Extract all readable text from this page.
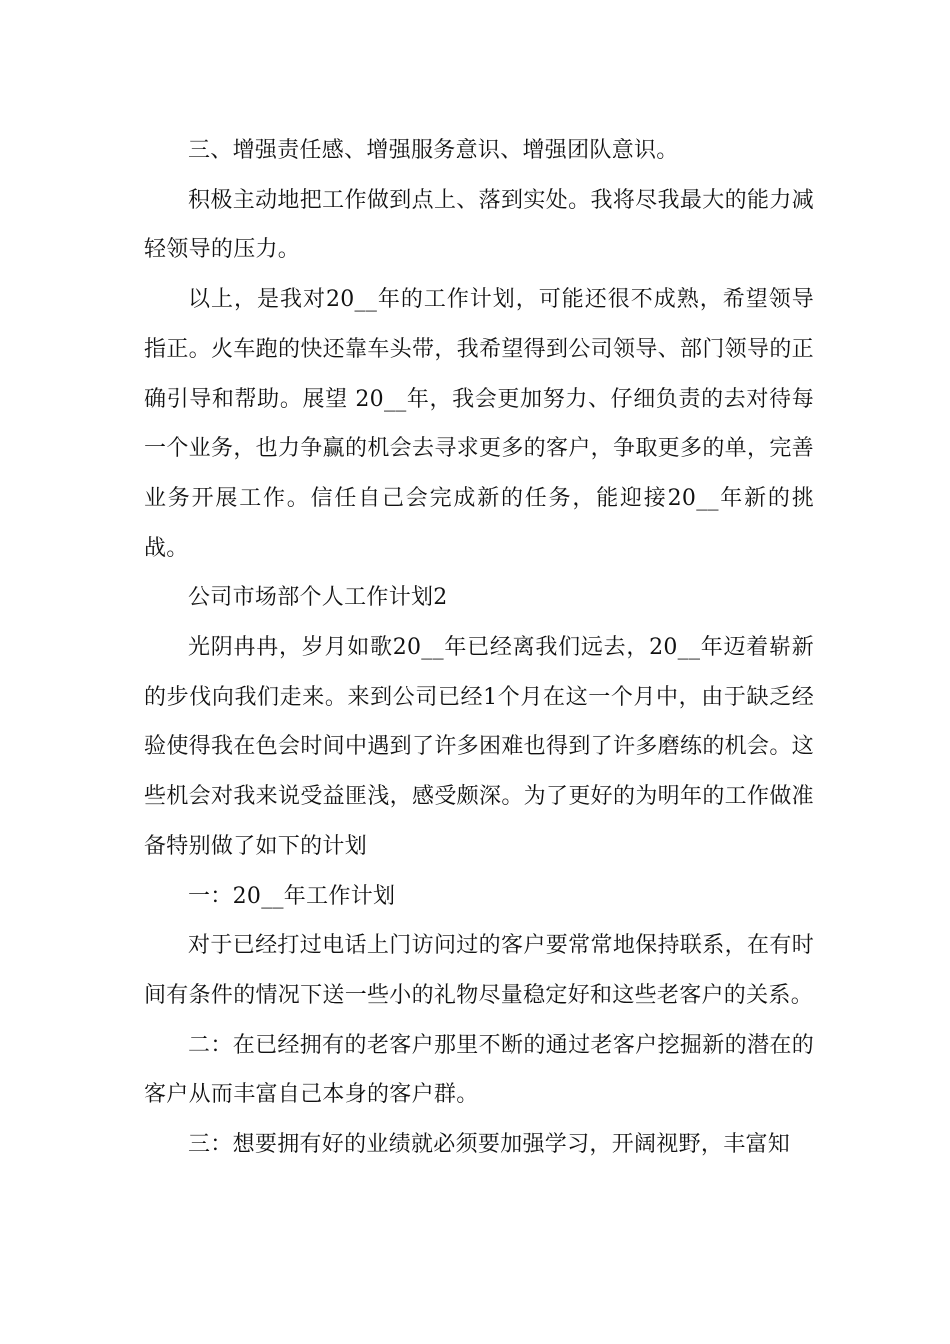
三、增强责任感、增强服务意识、增强团队意识。

积极主动地把工作做到点上、落到实处。我将尽我最大的能力减轻领导的压力。

以上，是我对20__年的工作计划，可能还很不成熟，希望领导指正。火车跑的快还靠车头带，我希望得到公司领导、部门领导的正确引导和帮助。展望 20__年，我会更加努力、仔细负责的去对待每一个业务，也力争赢的机会去寻求更多的客户，争取更多的单，完善业务开展工作。信任自己会完成新的任务，能迎接20__年新的挑战。

公司市场部个人工作计划2

光阴冉冉，岁月如歌20__年已经离我们远去，20__年迈着崭新的步伐向我们走来。来到公司已经1个月在这一个月中，由于缺乏经验使得我在色会时间中遇到了许多困难也得到了许多磨练的机会。这些机会对我来说受益匪浅，感受颇深。为了更好的为明年的工作做准备特别做了如下的计划

一：20__年工作计划

对于已经打过电话上门访问过的客户要常常地保持联系，在有时间有条件的情况下送一些小的礼物尽量稳定好和这些老客户的关系。

二：在已经拥有的老客户那里不断的通过老客户挖掘新的潜在的客户从而丰富自己本身的客户群。

三：想要拥有好的业绩就必须要加强学习，开阔视野，丰富知
